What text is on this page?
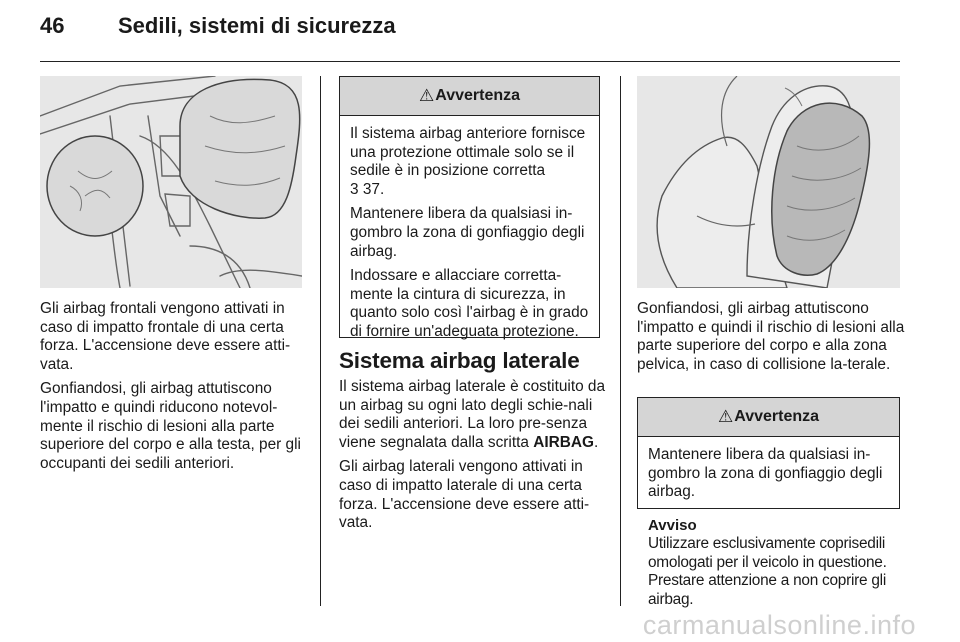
46 Sedili, sistemi di sicurezza

Gli airbag frontali vengono attivati in caso di impatto frontale di una certa forza. L'accensione deve essere atti-vata.

Gonfiandosi, gli airbag attutiscono l'impatto e quindi riducono notevol-mente il rischio di lesioni alla parte superiore del corpo e alla testa, per gli occupanti dei sedili anteriori.

⚠ Avvertenza

Il sistema airbag anteriore fornisce una protezione ottimale solo se il sedile è in posizione corretta
3 37.

Mantenere libera da qualsiasi in-gombro la zona di gonfiaggio degli airbag.

Indossare e allacciare corretta-mente la cintura di sicurezza, in quanto solo così l'airbag è in grado di fornire un'adeguata protezione.

Sistema airbag laterale

Il sistema airbag laterale è costituito da un airbag su ogni lato degli schie-nali dei sedili anteriori. La loro pre-senza viene segnalata dalla scritta AIRBAG.

Gli airbag laterali vengono attivati in caso di impatto laterale di una certa forza. L'accensione deve essere atti-vata.

Gonfiandosi, gli airbag attutiscono l'impatto e quindi il rischio di lesioni alla parte superiore del corpo e alla zona pelvica, in caso di collisione la-terale.

⚠ Avvertenza

Mantenere libera da qualsiasi in-gombro la zona di gonfiaggio degli airbag.

Avviso

Utilizzare esclusivamente coprisedili omologati per il veicolo in questione. Prestare attenzione a non coprire gli airbag.

carmanualsonline.info
